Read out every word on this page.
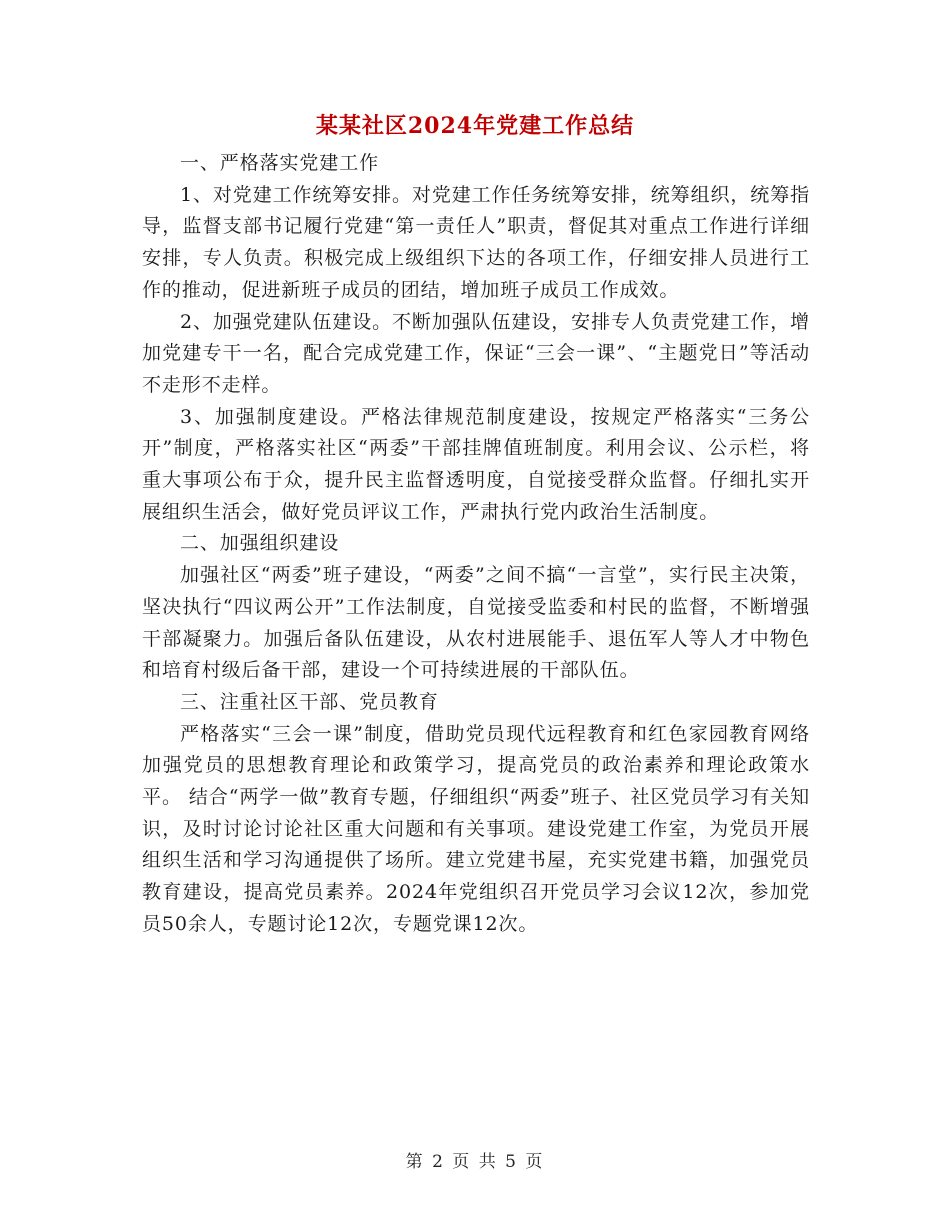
某某社区2024年党建工作总结

一、严格落实党建工作

1、对党建工作统筹安排。对党建工作任务统筹安排，统筹组织，统筹指导，监督支部书记履行党建“第一责任人”职责，督促其对重点工作进行详细安排，专人负责。积极完成上级组织下达的各项工作，仔细安排人员进行工作的推动，促进新班子成员的团结，增加班子成员工作成效。

2、加强党建队伍建设。不断加强队伍建设，安排专人负责党建工作，增加党建专干一名，配合完成党建工作，保证“三会一课”、“主题党日”等活动不走形不走样。

3、加强制度建设。严格法律规范制度建设，按规定严格落实“三务公开”制度，严格落实社区“两委”干部挂牌值班制度。利用会议、公示栏，将重大事项公布于众，提升民主监督透明度，自觉接受群众监督。仔细扎实开展组织生活会，做好党员评议工作，严肃执行党内政治生活制度。

二、加强组织建设

加强社区“两委”班子建设，“两委”之间不搞“一言堂”，实行民主决策，坚决执行“四议两公开”工作法制度，自觉接受监委和村民的监督，不断增强干部凝聚力。加强后备队伍建设，从农村进展能手、退伍军人等人才中物色和培育村级后备干部，建设一个可持续进展的干部队伍。

三、注重社区干部、党员教育

严格落实“三会一课”制度，借助党员现代远程教育和红色家园教育网络加强党员的思想教育理论和政策学习，提高党员的政治素养和理论政策水平。 结合“两学一做”教育专题，仔细组织“两委”班子、社区党员学习有关知识，及时讨论讨论社区重大问题和有关事项。建设党建工作室，为党员开展组织生活和学习沟通提供了场所。建立党建书屋，充实党建书籍，加强党员教育建设，提高党员素养。2024年党组织召开党员学习会议12次，参加党员50余人，专题讨论12次，专题党课12次。

第 2 页 共 5 页
